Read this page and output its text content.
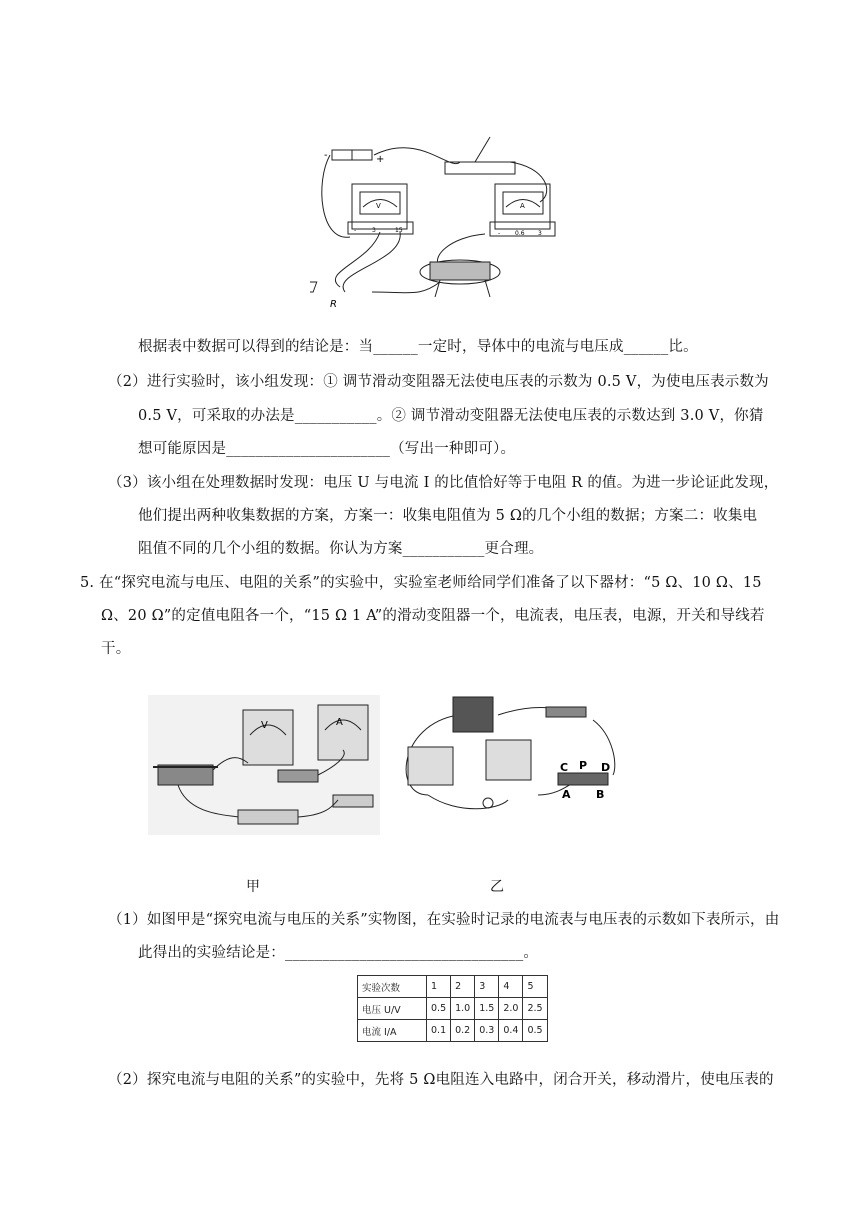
-	+
V	A
- 0.6 3
-	3	15
R
根据表中数据可以得到的结论是：当______一定时，导体中的电流与电压成______比。
（2）进行实验时，该小组发现：① 调节滑动变阻器无法使电压表的示数为 0.5 V，为使电压表示数为
0.5 V，可采取的办法是___________。② 调节滑动变阻器无法使电压表的示数达到 3.0 V，你猜
想可能原因是______________________（写出一种即可）。
（3）该小组在处理数据时发现：电压 U 与电流 I 的比值恰好等于电阻 R 的值。为进一步论证此发现，
他们提出两种收集数据的方案，方案一：收集电阻值为 5 Ω的几个小组的数据；方案二：收集电
阻值不同的几个小组的数据。你认为方案___________更合理。
5. 在“探究电流与电压、电阻的关系”的实验中，实验室老师给同学们准备了以下器材：“5 Ω、10 Ω、15
Ω、20 Ω”的定值电阻各一个，“15 Ω 1 A”的滑动变阻器一个，电流表，电压表，电源，开关和导线若
干。
V	A
C P D
A B
甲	乙
（1）如图甲是“探究电流与电压的关系”实物图，在实验时记录的电流表与电压表的示数如下表所示，由
此得出的实验结论是：________________________________。
实验次数	1	2	3	4	5
电压 U/V	0.5	1.0	1.5	2.0	2.5
电流 I/A	0.1	0.2	0.3	0.4	0.5
（2）探究电流与电阻的关系”的实验中，先将 5 Ω电阻连入电路中，闭合开关，移动滑片，使电压表的
